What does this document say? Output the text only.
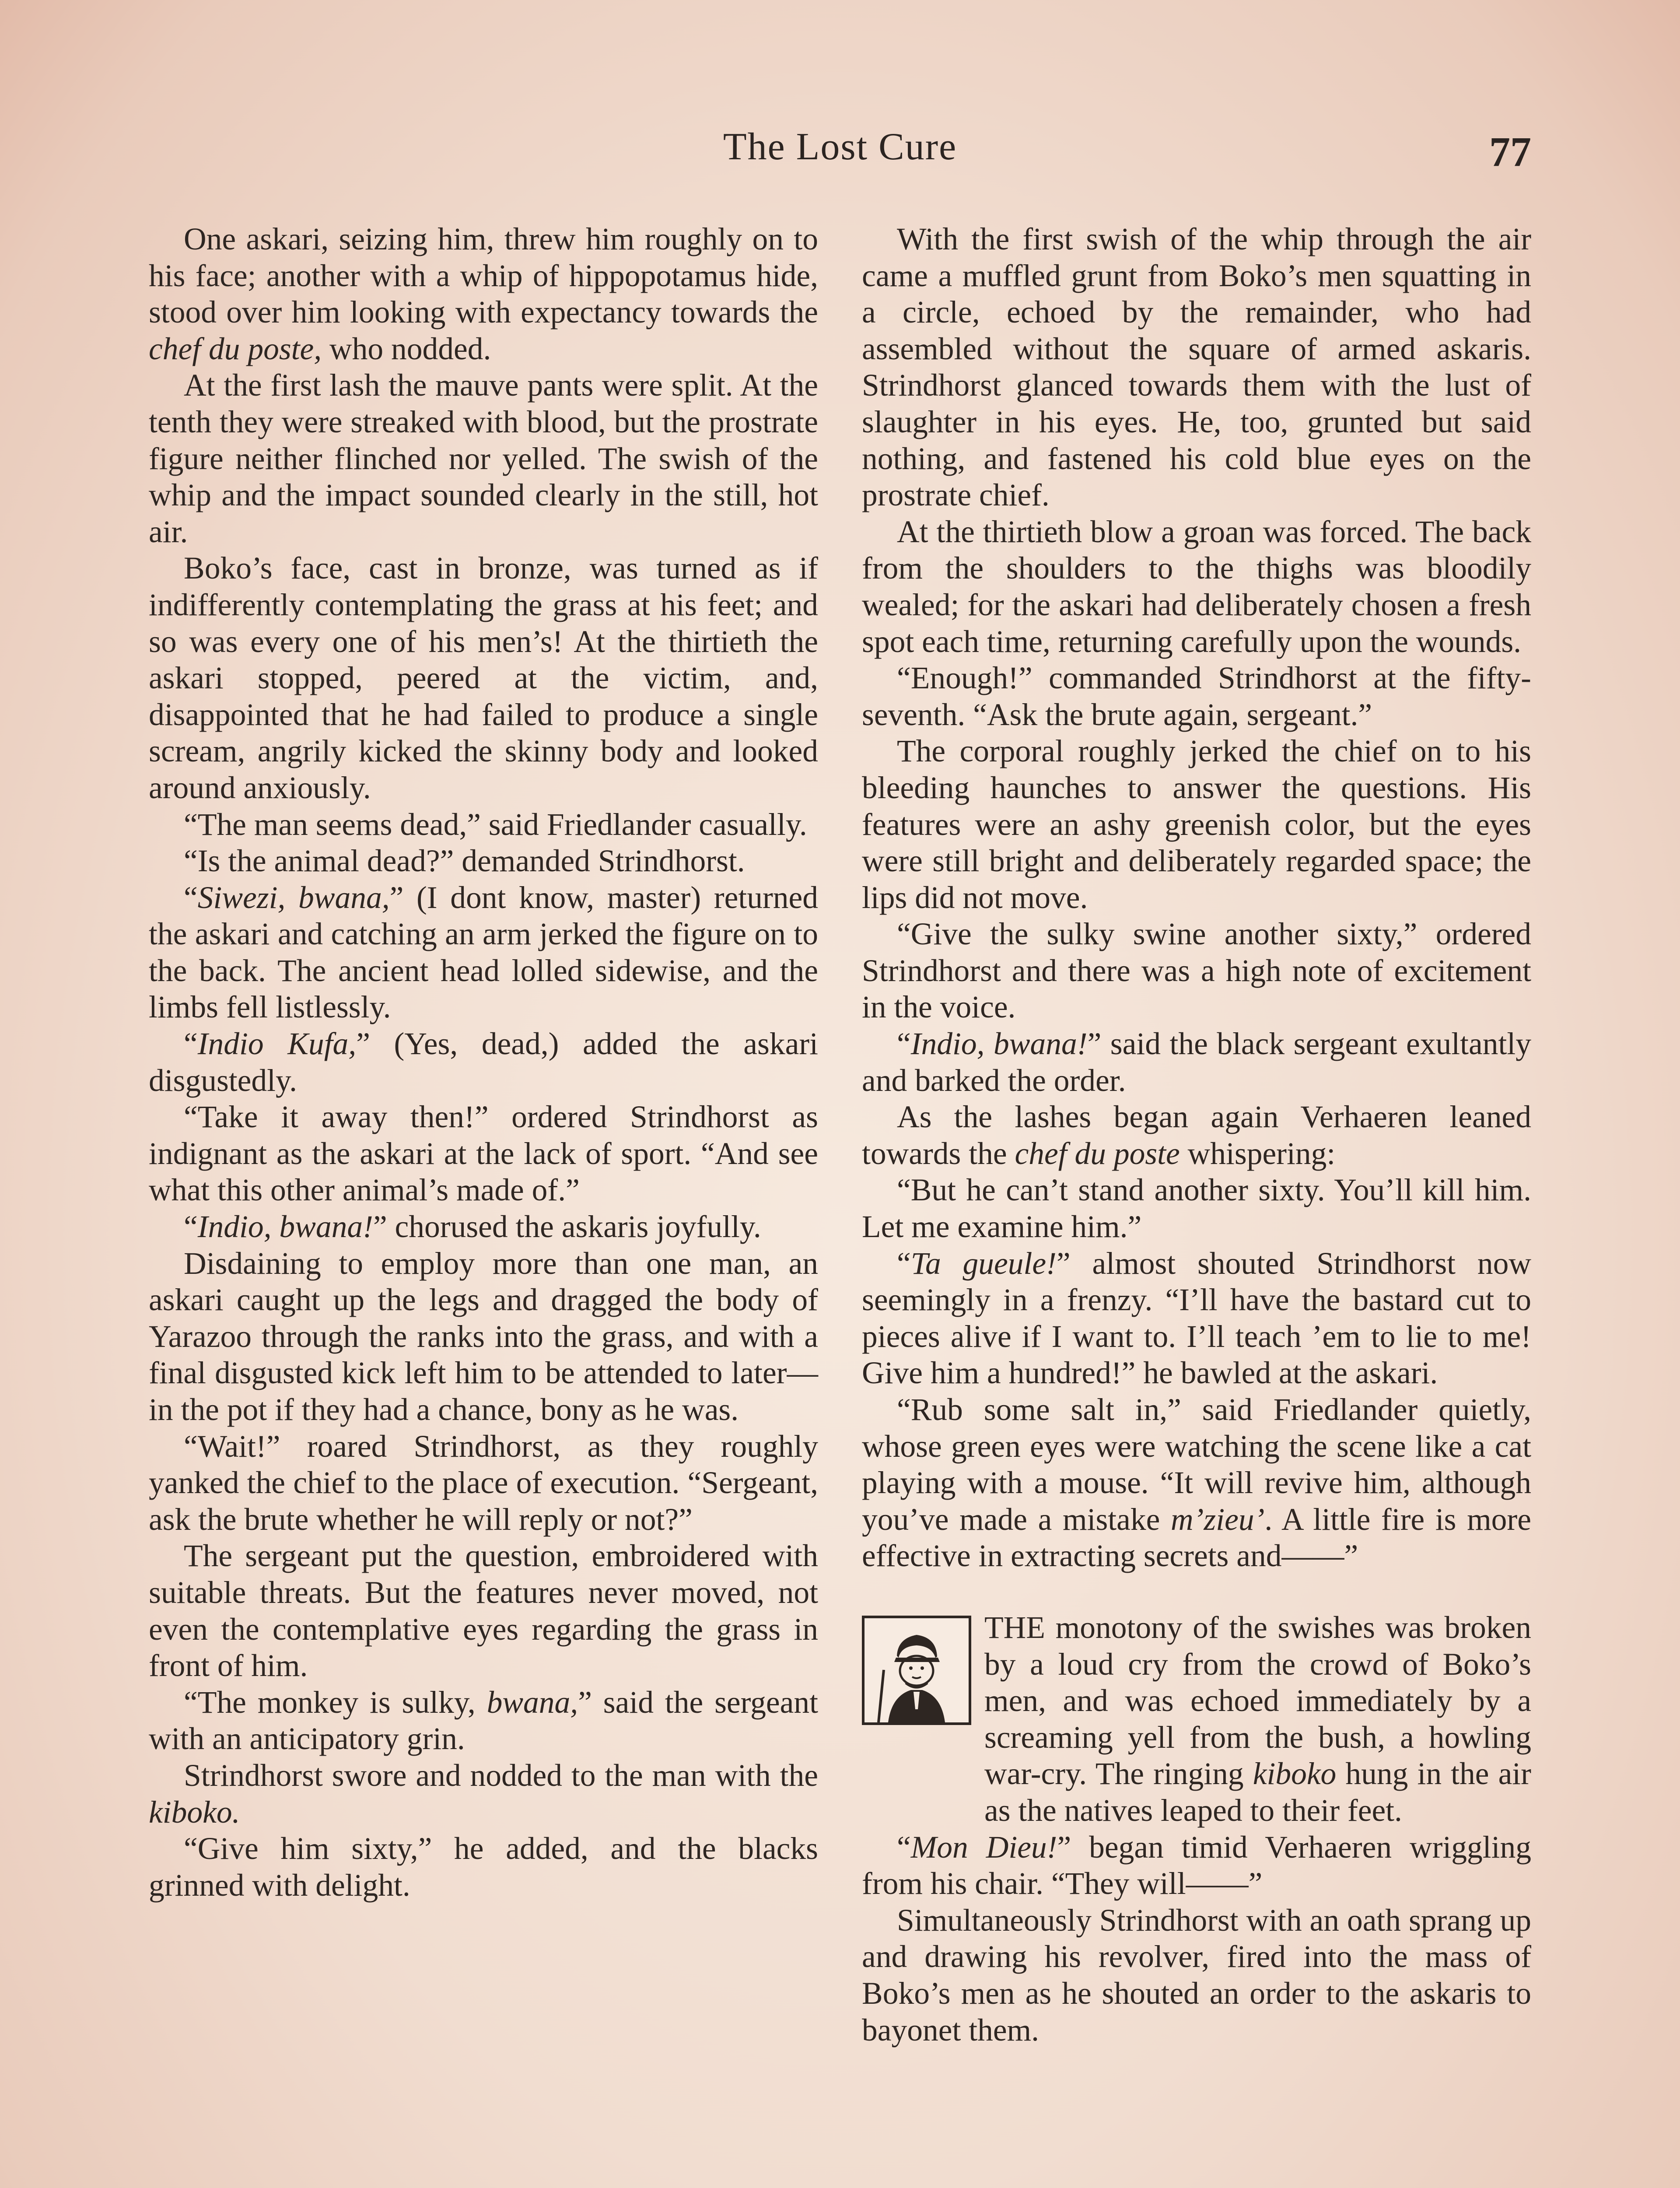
The Lost Cure	77

One askari, seizing him, threw him roughly on to his face; another with a whip of hippopotamus hide, stood over him looking with expectancy towards the chef du poste, who nodded.

At the first lash the mauve pants were split. At the tenth they were streaked with blood, but the prostrate figure neither flinched nor yelled. The swish of the whip and the impact sounded clearly in the still, hot air.

Boko’s face, cast in bronze, was turned as if indifferently contemplating the grass at his feet; and so was every one of his men’s! At the thirtieth the askari stopped, peered at the victim, and, disappointed that he had failed to produce a single scream, angrily kicked the skinny body and looked around anxiously.

“The man seems dead,” said Friedlander casually.

“Is the animal dead?” demanded Strindhorst.

“Siwezi, bwana,” (I dont know, master) returned the askari and catching an arm jerked the figure on to the back. The ancient head lolled sidewise, and the limbs fell listlessly.

“Indio Kufa,” (Yes, dead,) added the askari disgustedly.

“Take it away then!” ordered Strindhorst as indignant as the askari at the lack of sport. “And see what this other animal’s made of.”

“Indio, bwana!” chorused the askaris joyfully.

Disdaining to employ more than one man, an askari caught up the legs and dragged the body of Yarazoo through the ranks into the grass, and with a final disgusted kick left him to be attended to later—in the pot if they had a chance, bony as he was.

“Wait!” roared Strindhorst, as they roughly yanked the chief to the place of execution. “Sergeant, ask the brute whether he will reply or not?”

The sergeant put the question, embroidered with suitable threats. But the features never moved, not even the contemplative eyes regarding the grass in front of him.

“The monkey is sulky, bwana,” said the sergeant with an anticipatory grin.

Strindhorst swore and nodded to the man with the kiboko.

“Give him sixty,” he added, and the blacks grinned with delight.

With the first swish of the whip through the air came a muffled grunt from Boko’s men squatting in a circle, echoed by the remainder, who had assembled without the square of armed askaris. Strindhorst glanced towards them with the lust of slaughter in his eyes. He, too, grunted but said nothing, and fastened his cold blue eyes on the prostrate chief.

At the thirtieth blow a groan was forced. The back from the shoulders to the thighs was bloodily wealed; for the askari had deliberately chosen a fresh spot each time, returning carefully upon the wounds.

“Enough!” commanded Strindhorst at the fifty-seventh. “Ask the brute again, sergeant.”

The corporal roughly jerked the chief on to his bleeding haunches to answer the questions. His features were an ashy greenish color, but the eyes were still bright and deliberately regarded space; the lips did not move.

“Give the sulky swine another sixty,” ordered Strindhorst and there was a high note of excitement in the voice.

“Indio, bwana!” said the black sergeant exultantly and barked the order.

As the lashes began again Verhaeren leaned towards the chef du poste whispering:

“But he can’t stand another sixty. You’ll kill him. Let me examine him.”

“Ta gueule!” almost shouted Strindhorst now seemingly in a frenzy. “I’ll have the bastard cut to pieces alive if I want to. I’ll teach ’em to lie to me! Give him a hundred!” he bawled at the askari.

“Rub some salt in,” said Friedlander quietly, whose green eyes were watching the scene like a cat playing with a mouse. “It will revive him, although you’ve made a mistake m’zieu’. A little fire is more effective in extracting secrets and——”

THE monotony of the swishes was broken by a loud cry from the crowd of Boko’s men, and was echoed immediately by a screaming yell from the bush, a howling war-cry. The ringing kiboko hung in the air as the natives leaped to their feet.

“Mon Dieu!” began timid Verhaeren wriggling from his chair. “They will——”

Simultaneously Strindhorst with an oath sprang up and drawing his revolver, fired into the mass of Boko’s men as he shouted an order to the askaris to bayonet them.
